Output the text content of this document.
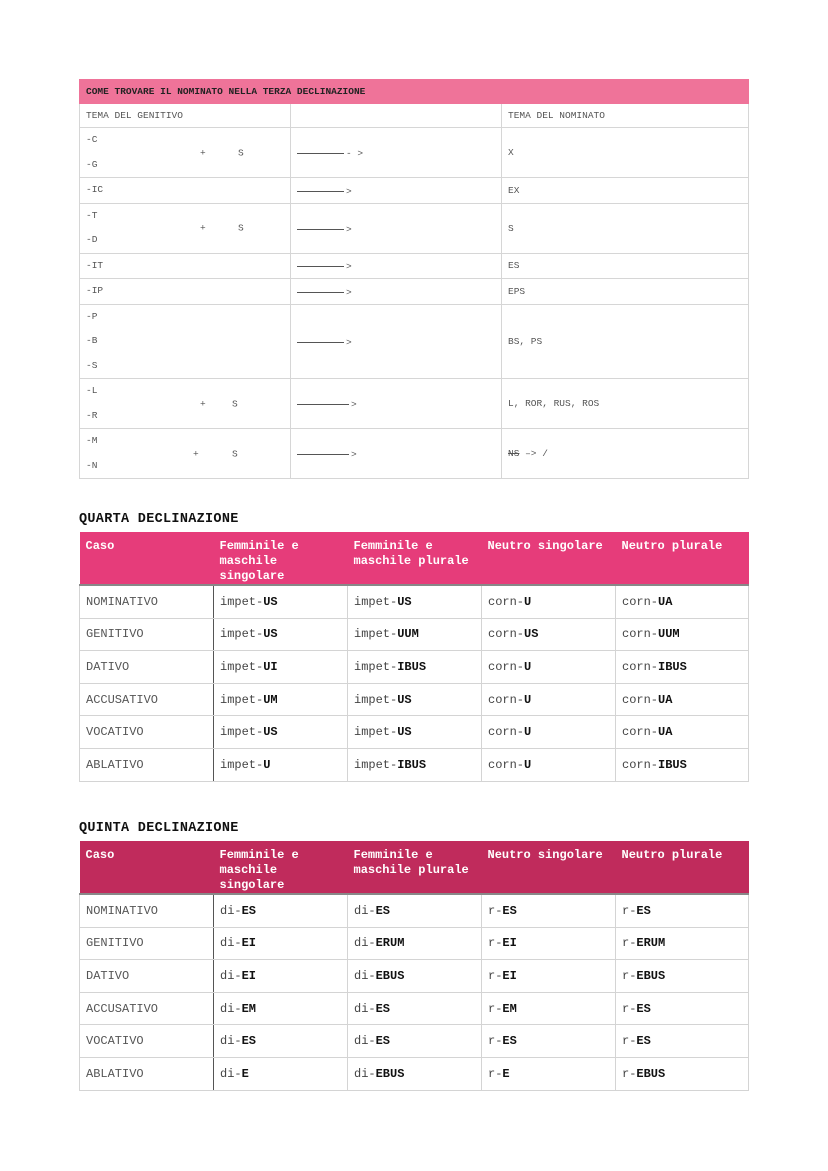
COME TROVARE IL NOMINATO NELLA TERZA DECLINAZIONE		
TEMA DEL GENITIVO		TEMA DEL NOMINATO

-C
-G
+ S	- >	X

-IC	>	EX

-T
-D
+ S	>	S

-IT	>	ES

-IP	>	EPS

-P
-B
-S	>	BS, PS

-L
-R
+ S	>	L, ROR, RUS, ROS

-M
-N
+ S	>	NS –> /
QUARTA DECLINAZIONE
Caso	Femminile e maschile singolare	Femminile e maschile plurale	Neutro singolare	Neutro plurale
NOMINATIVO	impet-US	impet-US	corn-U	corn-UA
GENITIVO	impet-US	impet-UUM	corn-US	corn-UUM
DATIVO	impet-UI	impet-IBUS	corn-U	corn-IBUS
ACCUSATIVO	impet-UM	impet-US	corn-U	corn-UA
VOCATIVO	impet-US	impet-US	corn-U	corn-UA
ABLATIVO	impet-U	impet-IBUS	corn-U	corn-IBUS
QUINTA DECLINAZIONE
Caso	Femminile e maschile singolare	Femminile e maschile plurale	Neutro singolare	Neutro plurale
NOMINATIVO	di-ES	di-ES	r-ES	r-ES
GENITIVO	di-EI	di-ERUM	r-EI	r-ERUM
DATIVO	di-EI	di-EBUS	r-EI	r-EBUS
ACCUSATIVO	di-EM	di-ES	r-EM	r-ES
VOCATIVO	di-ES	di-ES	r-ES	r-ES
ABLATIVO	di-E	di-EBUS	r-E	r-EBUS
